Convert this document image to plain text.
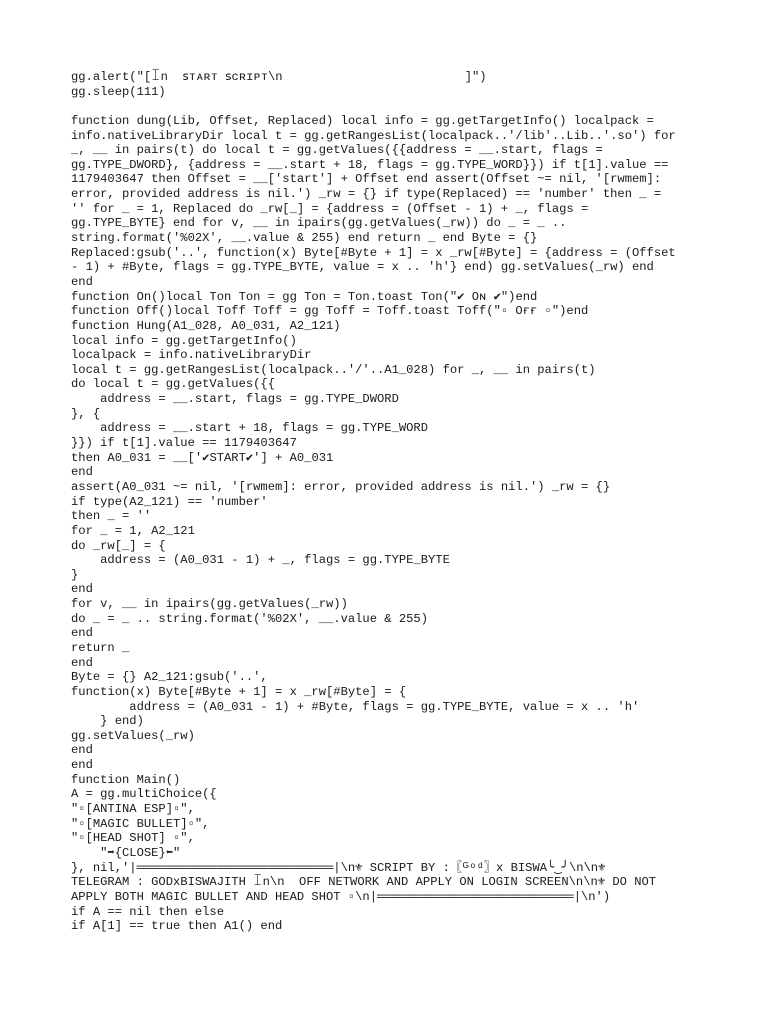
gg.alert("[ꀤn  ꜱᴛᴀʀᴛ ꜱᴄʀɪᴘᴛ\n                         ]")
gg.sleep(111)
function dung(Lib, Offset, Replaced) local info = gg.getTargetInfo() localpack =
info.nativeLibraryDir local t = gg.getRangesList(localpack..'/lib'..Lib..'.so') for
_, __ in pairs(t) do local t = gg.getValues({{address = __.start, flags =
gg.TYPE_DWORD}, {address = __.start + 18, flags = gg.TYPE_WORD}}) if t[1].value ==
1179403647 then Offset = __['start'] + Offset end assert(Offset ~= nil, '[rwmem]:
error, provided address is nil.') _rw = {} if type(Replaced) == 'number' then _ =
'' for _ = 1, Replaced do _rw[_] = {address = (Offset - 1) + _, flags =
gg.TYPE_BYTE} end for v, __ in ipairs(gg.getValues(_rw)) do _ = _ ..
string.format('%02X', __.value & 255) end return _ end Byte = {}
Replaced:gsub('..', function(x) Byte[#Byte + 1] = x _rw[#Byte] = {address = (Offset
- 1) + #Byte, flags = gg.TYPE_BYTE, value = x .. 'h'} end) gg.setValues(_rw) end
end
function On()local Ton Ton = gg Ton = Ton.toast Ton("✔ Oɴ ✔")end
function Off()local Toff Toff = gg Toff = Toff.toast Toff("▫ Oғғ ▫")end
function Hung(A1_028, A0_031, A2_121)
local info = gg.getTargetInfo()
localpack = info.nativeLibraryDir
local t = gg.getRangesList(localpack..'/'..A1_028) for _, __ in pairs(t)
do local t = gg.getValues({{
address = __.start, flags = gg.TYPE_DWORD
}, {
address = __.start + 18, flags = gg.TYPE_WORD
}}) if t[1].value == 1179403647
then A0_031 = __['✔START✔'] + A0_031
end
assert(A0_031 ~= nil, '[rwmem]: error, provided address is nil.') _rw = {}
if type(A2_121) == 'number'
then _ = ''
for _ = 1, A2_121
do _rw[_] = {
address = (A0_031 - 1) + _, flags = gg.TYPE_BYTE
}
end
for v, __ in ipairs(gg.getValues(_rw))
do _ = _ .. string.format('%02X', __.value & 255)
end
return _
end
Byte = {} A2_121:gsub('..',
function(x) Byte[#Byte + 1] = x _rw[#Byte] = {
address = (A0_031 - 1) + #Byte, flags = gg.TYPE_BYTE, value = x .. 'h'
} end)
gg.setValues(_rw)
end
end
function Main()
A = gg.multiChoice({
"▫[ANTINA ESP]▫",
"▫[MAGIC BULLET]▫",
"▫[HEAD SHOT] ▫",
"➡{CLOSE}⬅"
}, nil,'|═══════════════════════════|\n⚜ SCRIPT BY :〖ᴳᵒᵈ〗x BISWA╰‿╯\n\n⚜
TELEGRAM : GODxBISWAJITH ꀤn\n  OFF NETWORK AND APPLY ON LOGIN SCREEN\n\n⚜ DO NOT
APPLY BOTH MAGIC BULLET AND HEAD SHOT ▫\n|═══════════════════════════|\n')
if A == nil then else
if A[1] == true then A1() end
